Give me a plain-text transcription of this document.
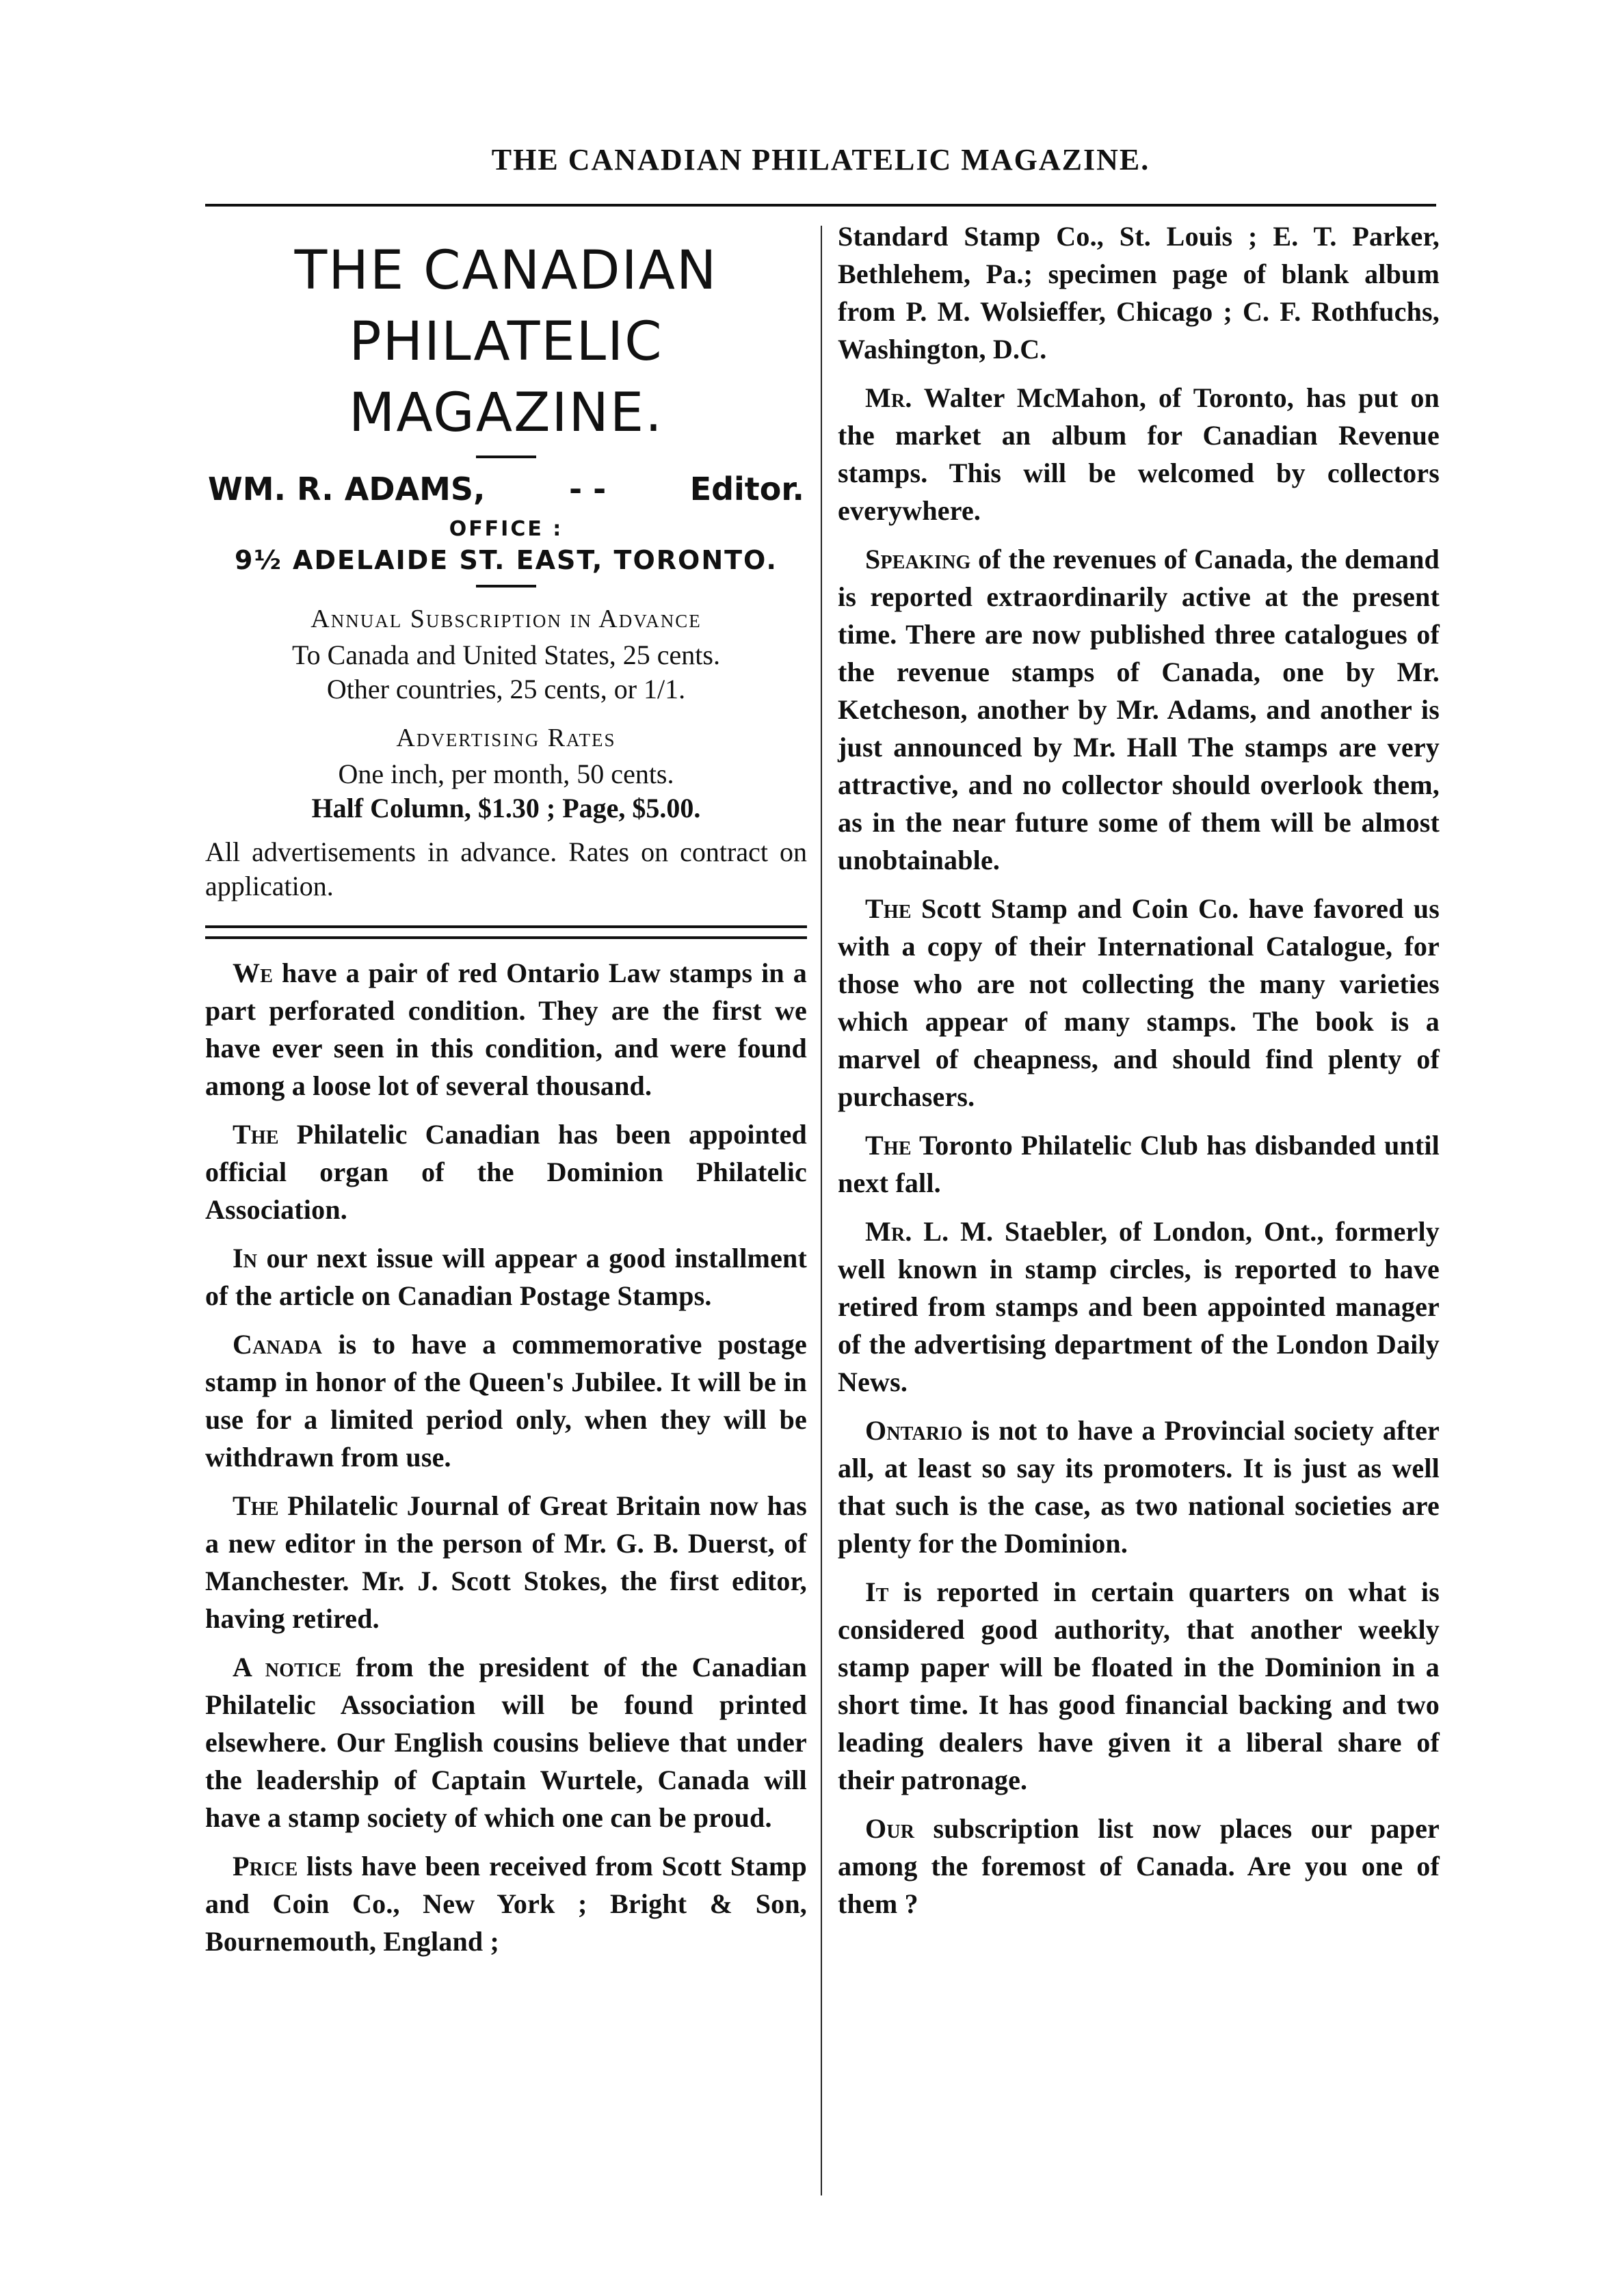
THE CANADIAN PHILATELIC MAGAZINE.
THE CANADIAN
PHILATELIC MAGAZINE.
WM. R. ADAMS,	- -	Editor.
OFFICE :
9½ ADELAIDE ST. EAST, TORONTO.
Annual Subscription in Advance
To Canada and United States, 25 cents.
Other countries, 25 cents, or 1/1.
Advertising Rates
One inch, per month, 50 cents.
Half Column, $1.30 ; Page, $5.00.
All advertisements in advance. Rates on contract on application.

We have a pair of red Ontario Law stamps in a part perforated condition. They are the first we have ever seen in this condition, and were found among a loose lot of several thousand.

The Philatelic Canadian has been appointed official organ of the Dominion Philatelic Association.

In our next issue will appear a good installment of the article on Canadian Postage Stamps.

Canada is to have a commemorative postage stamp in honor of the Queen's Jubilee. It will be in use for a limited period only, when they will be withdrawn from use.

The Philatelic Journal of Great Britain now has a new editor in the person of Mr. G. B. Duerst, of Manchester. Mr. J. Scott Stokes, the first editor, having retired.

A notice from the president of the Canadian Philatelic Association will be found printed elsewhere. Our English cousins believe that under the leadership of Captain Wurtele, Canada will have a stamp society of which one can be proud.

Price lists have been received from Scott Stamp and Coin Co., New York ; Bright & Son, Bournemouth, England ;

Standard Stamp Co., St. Louis ; E. T. Parker, Bethlehem, Pa.; specimen page of blank album from P. M. Wolsieffer, Chicago ; C. F. Rothfuchs, Washington, D.C.

Mr. Walter McMahon, of Toronto, has put on the market an album for Canadian Revenue stamps. This will be welcomed by collectors everywhere.

Speaking of the revenues of Canada, the demand is reported extraordinarily active at the present time. There are now published three catalogues of the revenue stamps of Canada, one by Mr. Ketcheson, another by Mr. Adams, and another is just announced by Mr. Hall The stamps are very attractive, and no collector should overlook them, as in the near future some of them will be almost unobtainable.

The Scott Stamp and Coin Co. have favored us with a copy of their International Catalogue, for those who are not collecting the many varieties which appear of many stamps. The book is a marvel of cheapness, and should find plenty of purchasers.

The Toronto Philatelic Club has disbanded until next fall.

Mr. L. M. Staebler, of London, Ont., formerly well known in stamp circles, is reported to have retired from stamps and been appointed manager of the advertising department of the London Daily News.

Ontario is not to have a Provincial society after all, at least so say its promoters. It is just as well that such is the case, as two national societies are plenty for the Dominion.

It is reported in certain quarters on what is considered good authority, that another weekly stamp paper will be floated in the Dominion in a short time. It has good financial backing and two leading dealers have given it a liberal share of their patronage.

Our subscription list now places our paper among the foremost of Canada. Are you one of them ?
